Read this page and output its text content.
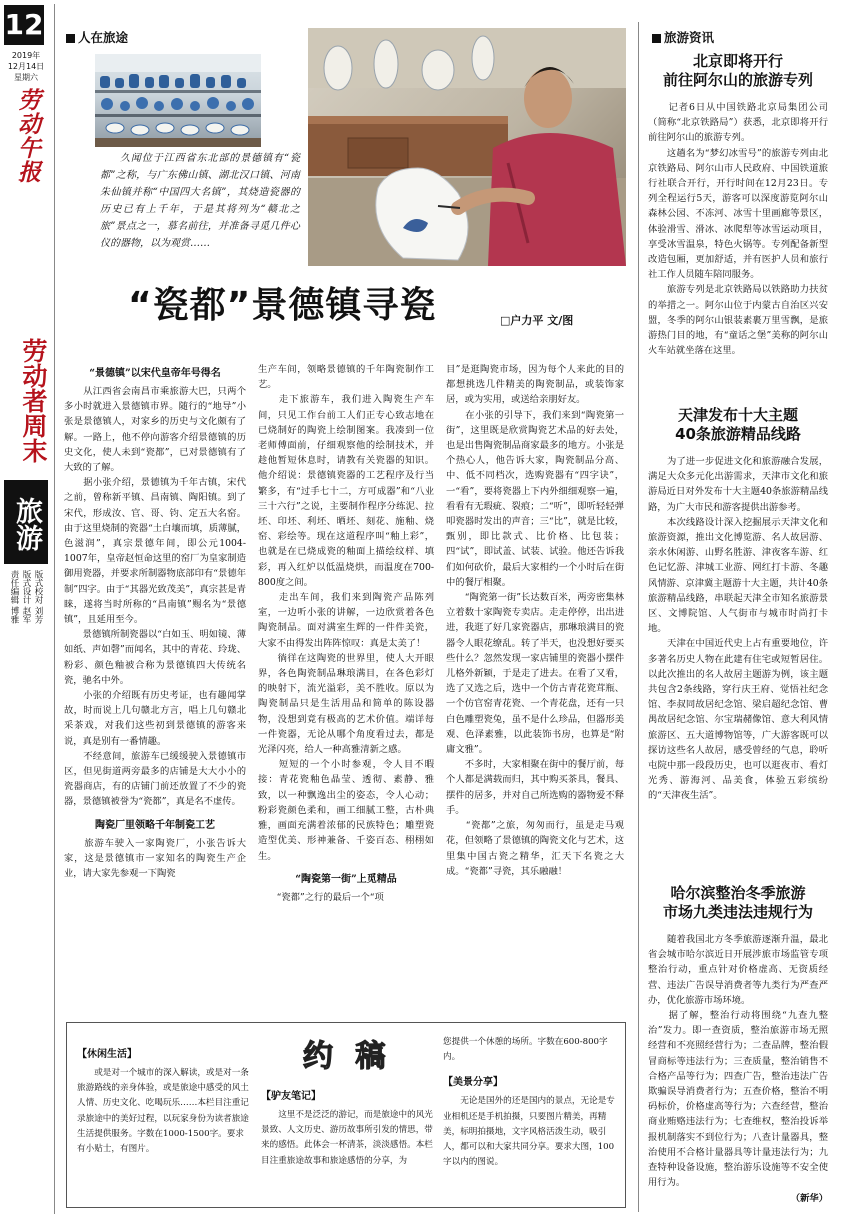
12
2019年
12月14日
星期六
劳动午报
劳动者周末
旅游
版式校对 刘芳
版式设计 赵军
责任编辑 博雅
人在旅途	旅游资讯

久闻位于江西省东北部的景德镇有“瓷都”之称，与广东佛山镇、湖北汉口镇、河南朱仙镇并称“中国四大名镇”，其烧造瓷器的历史已有上千年，于是其将列为“赣北之旅”景点之一，慕名前往，并准备寻觅几件心仪的器物，以为观赏……

“瓷都”景德镇寻瓷	□户力平 文/图
“景德镇”以宋代皇帝年号得名

　　从江西省会南昌市乘旅游大巴，只两个多小时就进入景德镇市界。随行的“地导”小张是景德镇人，对家乡的历史与文化颇有了解。一路上，他不停向游客介绍景德镇的历史文化，使人未到“瓷都”，已对景德镇有了大致的了解。
　　据小张介绍，景德镇为千年古镇，宋代之前，曾称新平镇、昌南镇、陶阳镇。到了宋代，形成汝、官、哥、钧、定五大名窑。由于这里烧制的瓷器“土白壤而填，质薄腻，色滋润”，真宗景德年间，即公元1004-1007年，皇帝赵恒命这里的窑厂为皇家制造御用瓷器，并要求所制器物底部印有“景德年制”四字。由于“其器光致茂美”，真宗甚是青睐，遂将当时所称的“昌南镇”赐名为“景德镇”，且延用至今。
　　景德镇所制瓷器以“白如玉、明如镜、薄如纸、声如磬”而闻名，其中的青花、玲珑、粉彩、颜色釉被合称为景德镇四大传统名瓷，驰名中外。
　　小张的介绍既有历史考证，也有趣闻掌故，时而说上几句赣北方言，唱上几句赣北采茶戏，对我们这些初到景德镇的游客来说，真是别有一番情趣。
　　不经意间，旅游车已缓缓驶入景德镇市区，但见街道两旁最多的店铺是大大小小的瓷器商店，有的店铺门前还放置了不少的瓷器，景德镇被誉为“瓷都”，真是名不虚传。

陶瓷厂里领略千年制瓷工艺

　　旅游车驶入一家陶瓷厂，小张告诉大家，这是景德镇市一家知名的陶瓷生产企业，请大家先参观一下陶瓷

生产车间，领略景德镇的千年陶瓷制作工艺。
　　走下旅游车，我们进入陶瓷生产车间，只见工作台前工人们正专心致志地在已烧制好的陶瓷上绘制图案。我凑到一位老师傅面前，仔细观察他的绘制技术，并趁他暂短休息时，请教有关瓷器的知识。他介绍说：景德镇瓷器的工艺程序及行当繁多，有“过手七十二，方可成器”和“八业三十六行”之说，主要制作程序分练泥、拉坯、印坯、利坯、晒坯、刻花、施釉、烧窑、彩绘等。现在这道程序叫“釉上彩”，也就是在已烧成瓷的釉面上描绘纹样、填彩，再入红炉以低温烧烘，而温度在700-800度之间。
　　走出车间，我们来到陶瓷产品陈列室，一边听小张的讲解，一边欣赏着各色陶瓷制品。面对满室生辉的一件件美瓷，大家不由得发出阵阵惊叹：真是太美了！
　　徜徉在这陶瓷的世界里，使人大开眼界，各色陶瓷制品琳琅满目，在各色彩灯的映射下，流光溢彩，美不胜收。原以为陶瓷制品只是生活用品和简单的陈设器物，没想到竟有极高的艺术价值。端详每一件瓷器，无论从哪个角度看过去，都是光泽闪亮，给人一种高雅清新之感。
　　短短的一个小时参观，令人目不暇接：青花瓷釉色晶莹、透彻、素静、雅致，以一种飘逸出尘的姿态，令人心动；粉彩瓷颜色柔和，画工细腻工整，古朴典雅，画面充满着浓郁的民族特色；雕塑瓷造型优美、形神兼备、千姿百态、栩栩如生。

“陶瓷第一街”上觅精品

　　“瓷都”之行的最后一个“项

目”是逛陶瓷市场，因为每个人来此的目的都想挑选几件精美的陶瓷制品，或装饰家居，或为实用，或送给亲朋好友。
　　在小张的引导下，我们来到“陶瓷第一街”，这里既是欣赏陶瓷艺术品的好去处，也是出售陶瓷制品商家最多的地方。小张是个热心人，他告诉大家，陶瓷制品分高、中、低不同档次，选购瓷器有“四字诀”，一“看”，要将瓷器上下内外细细观察一遍，看看有无瑕疵、裂痕；二“听”，即听轻轻弹叩瓷器时发出的声音；三“比”，就是比较，甄别，即比款式、比价格、比包装；四“试”，即试盖、试装、试验。他还告诉我们如何砍价，最后大家相约一个小时后在街中的餐厅相聚。
　　“陶瓷第一街”长达数百米，两旁密集林立着数十家陶瓷专卖店。走走停停，出出进进，我逛了好几家瓷器店，那琳琅满目的瓷器令人眼花缭乱。转了半天，也没想好要买些什么？忽然发现一家店铺里的瓷器小摆件儿格外新颖，于是走了进去。在看了又看，选了又选之后，选中一个仿古青花瓷茸瓶、一个仿官窑青花瓷、一个青花盘，还有一只白色雕塑瓷兔，虽不是什么珍品，但器形美观、色泽素雅，以此装饰书房，也算是“附庸文雅”。
　　不多时，大家相聚在街中的餐厅前，每个人都是满载而归，其中购买茶具，餐具、摆件的居多，并对自己所选购的器物爱不释手。
　　“瓷都”之旅，匆匆而行，虽是走马观花，但领略了景德镇的陶瓷文化与艺术，这里集中国古瓷之精华，汇天下名瓷之大成。“瓷都”寻瓷，其乐融融！

北京即将开行
前往阿尔山的旅游专列

　　记者6日从中国铁路北京局集团公司（简称“北京铁路局”）获悉，北京即将开行前往阿尔山的旅游专列。
　　这趟名为“梦幻冰雪号”的旅游专列由北京铁路局、阿尔山市人民政府、中国铁道旅行社联合开行，开行时间在12月23日。专列全程运行5天，游客可以深度游览阿尔山森林公园、不冻河、冰雪十里画廊等景区，体验滑雪、滑冰、冰爬犁等冰雪运动项目，享受冰雪温泉，特色火锅等。专列配备新型改造包厢，更加舒适，并有医护人员和旅行社工作人员随车陪同服务。
　　旅游专列是北京铁路局以铁路助力扶贫的举措之一。阿尔山位于内蒙古自治区兴安盟，冬季的阿尔山银装素裹万里雪飘，是旅游热门目的地，有“童话之堡”美称的阿尔山火车站就坐落在这里。

天津发布十大主题
40条旅游精品线路

　　为了进一步促进文化和旅游融合发展，满足大众多元化出游需求，天津市文化和旅游局近日对外发布十大主题40条旅游精品线路，为广大市民和游客提供出游参考。
　　本次线路设计深入挖掘展示天津文化和旅游资源，推出文化博览游、名人故居游、亲水休闲游、山野名胜游、津夜客车游、红色记忆游、津城工业游、网红打卡游、冬趣风情游、京津冀主题游十大主题，共计40条旅游精品线路，串联起天津全市知名旅游景区、文博院馆、人气街市与城市时尚打卡地。
　　天津在中国近代史上占有重要地位，许多著名历史人物在此建有住宅或短暂居住。以此次推出的名人故居主题游为例，该主题共包含2条线路，穿行庆王府、觉悟社纪念馆、李叔同故居纪念馆、梁启超纪念馆、曹禺故居纪念馆、尔宝瑞赭像馆、意大利风情旅游区、五大道博物馆等，广大游客既可以探访这些名人故居，感受曾经的气息，聆听屯院中那一段段历史，也可以逛夜市、看灯光秀、游海河、品美食，体验五彩缤纷的“天津夜生活”。

哈尔滨整治冬季旅游
市场九类违法违规行为

　　随着我国北方冬季旅游逐渐升温，最北省会城市哈尔滨近日开展涉旅市场监管专项整治行动，重点针对价格虚高、无资质经营、违法广告误导消费者等九类行为严查严办，优化旅游市场环境。
　　据了解，整治行动将围绕“九查九整治”发力。即一查资质，整治旅游市场无照经营和不亮照经营行为；二查品牌，整治假冒商标等违法行为；三查质量，整治销售不合格产品等行为；四查广告，整治违法广告欺骗误导消费者行为；五查价格，整治不明码标价，价格虚高等行为；六查经营，整治商业贿赂违法行为；七查维权，整治投诉举报机制落实不到位行为；八查计量器具，整治使用不合格计量器具等计量违法行为；九查特种设备设施，整治游乐设施等不安全使用行为。

（新华）
约 稿

【休闲生活】

　　或是对一个城市的深入解读，或是对一条旅游路线的亲身体验，或是旅途中感受的风土人情、历史文化、吃喝玩乐……本栏目注重记录旅途中的美好过程，以玩家身份为读者旅途生活提供服务。字数在1000-1500字。要求有小贴士，有图片。

【驴友笔记】

　　这里不是泛泛的游记，而是旅途中的风光景致、人文历史、游历故事所引发的情思，带来的感悟。此体会一杯清茶，淡淡感悟。本栏目注重旅途故事和旅途感悟的分享，为

您提供一个休憩的场所。字数在600-800字内。

【美景分享】

　　无论是国外的还是国内的景点，无论是专业相机还是手机拍摄，只要图片精美，再精美，标明拍摄地，文字风格活泼生动，吸引人，都可以和大家共同分享。要求大图，100字以内的图说。
